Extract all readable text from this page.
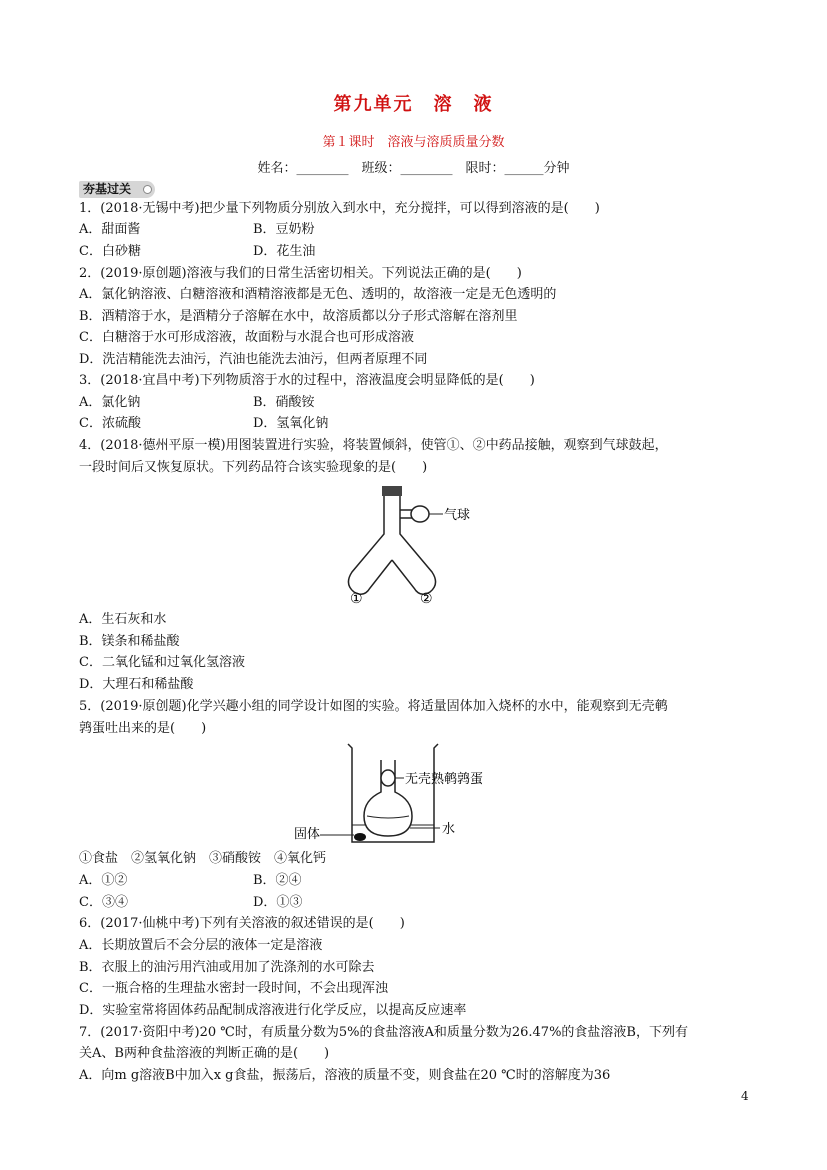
第九单元　溶　液
第１课时　溶液与溶质质量分数
姓名：________　班级：________　限时：______分钟
夯基过关
1．(2018·无锡中考)把少量下列物质分别放入到水中，充分搅拌，可以得到溶液的是(　　)
A．甜面酱	B．豆奶粉
C．白砂糖	D．花生油
2．(2019·原创题)溶液与我们的日常生活密切相关。下列说法正确的是(　　)
A．氯化钠溶液、白糖溶液和酒精溶液都是无色、透明的，故溶液一定是无色透明的
B．酒精溶于水，是酒精分子溶解在水中，故溶质都以分子形式溶解在溶剂里
C．白糖溶于水可形成溶液，故面粉与水混合也可形成溶液
D．洗洁精能洗去油污，汽油也能洗去油污，但两者原理不同
3．(2018·宜昌中考)下列物质溶于水的过程中，溶液温度会明显降低的是(　　)
A．氯化钠	B．硝酸铵
C．浓硫酸	D．氢氧化钠
4．(2018·德州平原一模)用图装置进行实验，将装置倾斜，使管①、②中药品接触，观察到气球鼓起，
一段时间后又恢复原状。下列药品符合该实验现象的是(　　)
气球
①	②
A．生石灰和水
B．镁条和稀盐酸
C．二氧化锰和过氧化氢溶液
D．大理石和稀盐酸
5．(2019·原创题)化学兴趣小组的同学设计如图的实验。将适量固体加入烧杯的水中，能观察到无壳鹌
鹑蛋吐出来的是(　　)
无壳熟鹌鹑蛋
固体	水
①食盐　②氢氧化钠　③硝酸铵　④氧化钙
A．①②	B．②④
C．③④	D．①③
6．(2017·仙桃中考)下列有关溶液的叙述错误的是(　　)
A．长期放置后不会分层的液体一定是溶液
B．衣服上的油污用汽油或用加了洗涤剂的水可除去
C．一瓶合格的生理盐水密封一段时间，不会出现浑浊
D．实验室常将固体药品配制成溶液进行化学反应，以提高反应速率
7．(2017·资阳中考)20 ℃时，有质量分数为5%的食盐溶液A和质量分数为26.47%的食盐溶液B，下列有
关A、B两种食盐溶液的判断正确的是(　　)
A．向m g溶液B中加入x g食盐，振荡后，溶液的质量不变，则食盐在20 ℃时的溶解度为36
4
